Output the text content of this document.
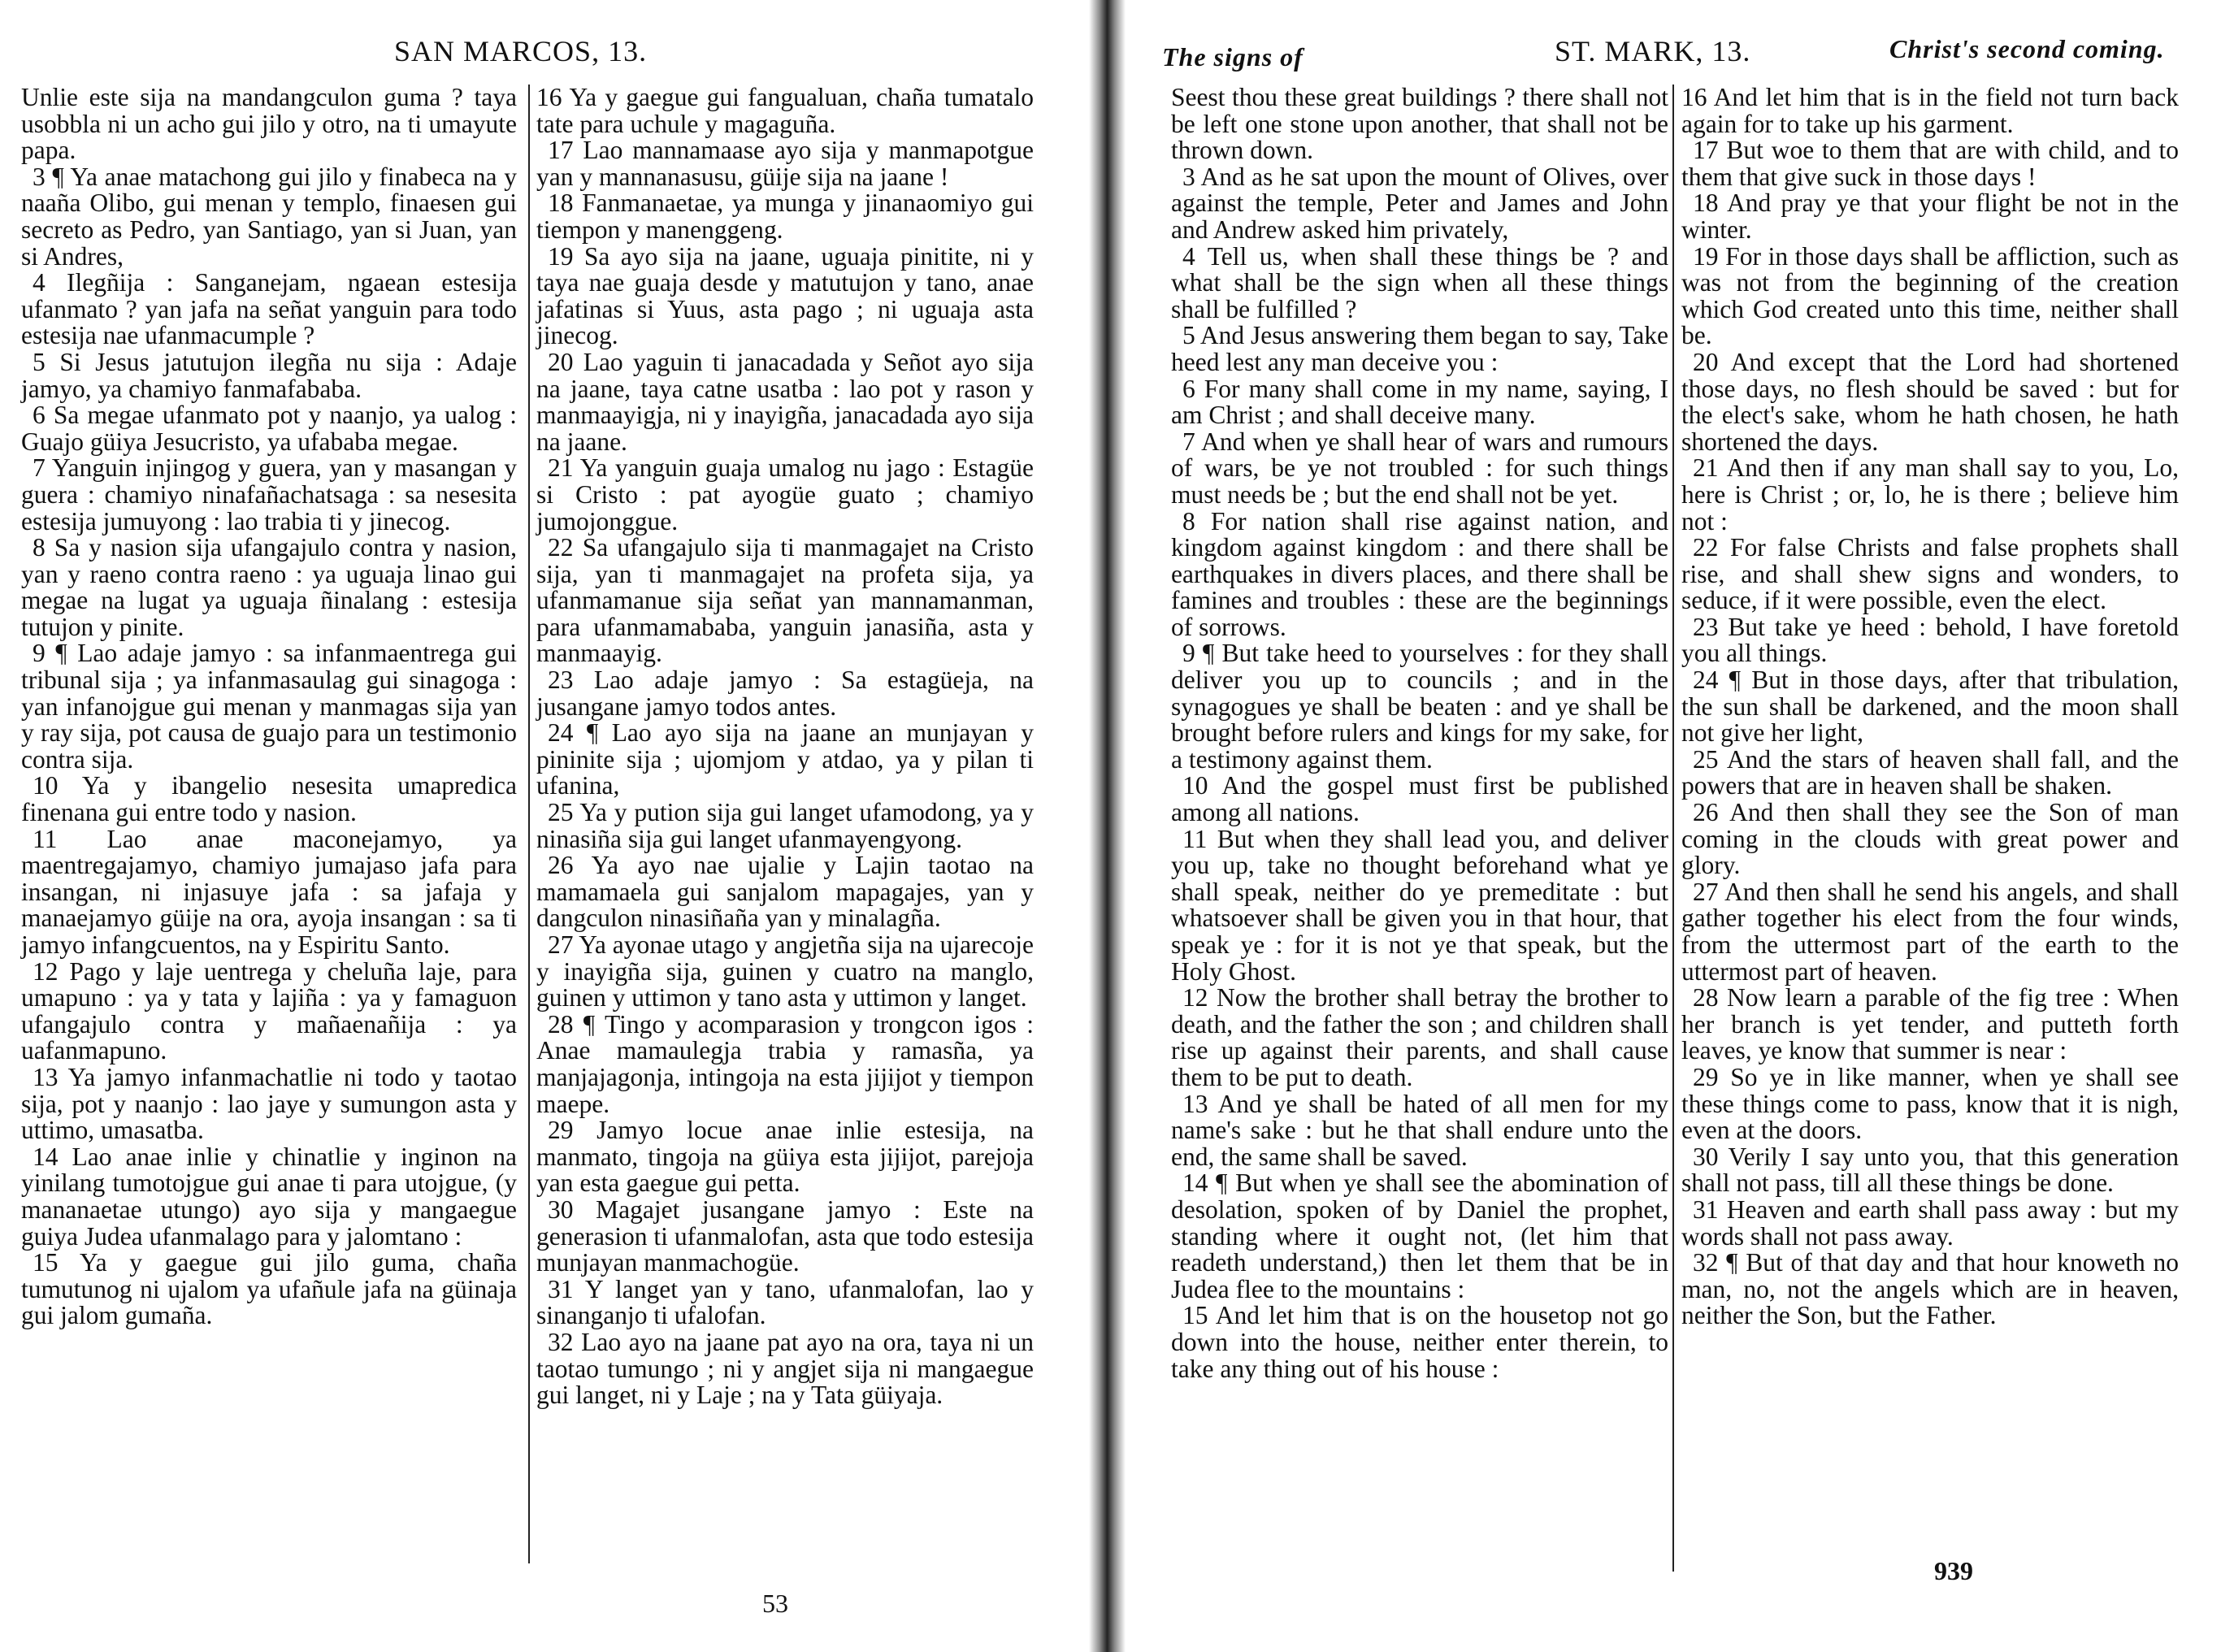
SAN MARCOS, 13.

Unlie este sija na mandangculon guma ? taya usobbla ni un acho gui jilo y otro, na ti umayute papa.

3 ¶ Ya anae matachong gui jilo y finabeca na y naaña Olibo, gui menan y templo, finaesen gui secreto as Pedro, yan Santiago, yan si Juan, yan si Andres,

4 Ilegñija : Sanganejam, ngaean estesija ufanmato ? yan jafa na señat yanguin para todo estesija nae ufanmacumple ?

5 Si Jesus jatutujon ilegña nu sija : Adaje jamyo, ya chamiyo fanmafababa.

6 Sa megae ufanmato pot y naanjo, ya ualog : Guajo güiya Jesucristo, ya ufababa megae.

7 Yanguin injingog y guera, yan y masangan y guera : chamiyo ninafañachatsaga : sa nesesita estesija jumuyong : lao trabia ti y jinecog.

8 Sa y nasion sija ufangajulo contra y nasion, yan y raeno contra raeno : ya uguaja linao gui megae na lugat ya uguaja ñinalang : estesija tutujon y pinite.

9 ¶ Lao adaje jamyo : sa infanmaentrega gui tribunal sija ; ya infanmasaulag gui sinagoga : yan infanojgue gui menan y manmagas sija yan y ray sija, pot causa de guajo para un testimonio contra sija.

10 Ya y ibangelio nesesita umapredica finenana gui entre todo y nasion.

11 Lao anae maconejamyo, ya maentregajamyo, chamiyo jumajaso jafa para insangan, ni injasuye jafa : sa jafaja y manaejamyo güije na ora, ayoja insangan : sa ti jamyo infangcuentos, na y Espiritu Santo.

12 Pago y laje uentrega y cheluña laje, para umapuno : ya y tata y lajiña : ya y famaguon ufangajulo contra y mañaenañija : ya uafanmapuno.

13 Ya jamyo infanmachatlie ni todo y taotao sija, pot y naanjo : lao jaye y sumungon asta y uttimo, umasatba.

14 Lao anae inlie y chinatlie y inginon na yinilang tumotojgue gui anae ti para utojgue, (y mananaetae utungo) ayo sija y mangaegue guiya Judea ufanmalago para y jalomtano :

15 Ya y gaegue gui jilo guma, chaña tumutunog ni ujalom ya ufañule jafa na güinaja gui jalom gumaña.

16 Ya y gaegue gui fangualuan, chaña tumatalo tate para uchule y magaguña.

17 Lao mannamaase ayo sija y manmapotgue yan y mannanasusu, güije sija na jaane !

18 Fanmanaetae, ya munga y jinanaomiyo gui tiempon y manenggeng.

19 Sa ayo sija na jaane, uguaja pinitite, ni y taya nae guaja desde y matutujon y tano, anae jafatinas si Yuus, asta pago ; ni uguaja asta jinecog.

20 Lao yaguin ti janacadada y Señot ayo sija na jaane, taya catne usatba : lao pot y rason y manmaayigja, ni y inayigña, janacadada ayo sija na jaane.

21 Ya yanguin guaja umalog nu jago : Estagüe si Cristo : pat ayogüe guato ; chamiyo jumojonggue.

22 Sa ufangajulo sija ti manmagajet na Cristo sija, yan ti manmagajet na profeta sija, ya ufanmamanue sija señat yan mannamanman, para ufanmamababa, yanguin janasiña, asta y manmaayig.

23 Lao adaje jamyo : Sa estagüeja, na jusangane jamyo todos antes.

24 ¶ Lao ayo sija na jaane an munjayan y pininite sija ; ujomjom y atdao, ya y pilan ti ufanina,

25 Ya y pution sija gui langet ufamodong, ya y ninasiña sija gui langet ufanmayengyong.

26 Ya ayo nae ujalie y Lajin taotao na mamamaela gui sanjalom mapagajes, yan y dangculon ninasiñaña yan y minalagña.

27 Ya ayonae utago y angjetña sija na ujarecoje y inayigña sija, guinen y cuatro na manglo, guinen y uttimon y tano asta y uttimon y langet.

28 ¶ Tingo y acomparasion y trongcon igos : Anae mamaulegja trabia y ramasña, ya manjajagonja, intingoja na esta jijijot y tiempon maepe.

29 Jamyo locue anae inlie estesija, na manmato, tingoja na güiya esta jijijot, parejoja yan esta gaegue gui petta.

30 Magajet jusangane jamyo : Este na generasion ti ufanmalofan, asta que todo estesija munjayan manmachogüe.

31 Y langet yan y tano, ufanmalofan, lao y sinanganjo ti ufalofan.

32 Lao ayo na jaane pat ayo na ora, taya ni un taotao tumungo ; ni y angjet sija ni mangaegue gui langet, ni y Laje ; na y Tata güiyaja.

53
The signs of	ST. MARK, 13.	Christ's second coming.

Seest thou these great buildings ? there shall not be left one stone upon another, that shall not be thrown down.

3 And as he sat upon the mount of Olives, over against the temple, Peter and James and John and Andrew asked him privately,

4 Tell us, when shall these things be ? and what shall be the sign when all these things shall be fulfilled ?

5 And Jesus answering them began to say, Take heed lest any man deceive you :

6 For many shall come in my name, saying, I am Christ ; and shall deceive many.

7 And when ye shall hear of wars and rumours of wars, be ye not troubled : for such things must needs be ; but the end shall not be yet.

8 For nation shall rise against nation, and kingdom against kingdom : and there shall be earthquakes in divers places, and there shall be famines and troubles : these are the beginnings of sorrows.

9 ¶ But take heed to yourselves : for they shall deliver you up to councils ; and in the synagogues ye shall be beaten : and ye shall be brought before rulers and kings for my sake, for a testimony against them.

10 And the gospel must first be published among all nations.

11 But when they shall lead you, and deliver you up, take no thought beforehand what ye shall speak, neither do ye premeditate : but whatsoever shall be given you in that hour, that speak ye : for it is not ye that speak, but the Holy Ghost.

12 Now the brother shall betray the brother to death, and the father the son ; and children shall rise up against their parents, and shall cause them to be put to death.

13 And ye shall be hated of all men for my name's sake : but he that shall endure unto the end, the same shall be saved.

14 ¶ But when ye shall see the abomination of desolation, spoken of by Daniel the prophet, standing where it ought not, (let him that readeth understand,) then let them that be in Judea flee to the mountains :

15 And let him that is on the housetop not go down into the house, neither enter therein, to take any thing out of his house :

16 And let him that is in the field not turn back again for to take up his garment.

17 But woe to them that are with child, and to them that give suck in those days !

18 And pray ye that your flight be not in the winter.

19 For in those days shall be affliction, such as was not from the beginning of the creation which God created unto this time, neither shall be.

20 And except that the Lord had shortened those days, no flesh should be saved : but for the elect's sake, whom he hath chosen, he hath shortened the days.

21 And then if any man shall say to you, Lo, here is Christ ; or, lo, he is there ; believe him not :

22 For false Christs and false prophets shall rise, and shall shew signs and wonders, to seduce, if it were possible, even the elect.

23 But take ye heed : behold, I have foretold you all things.

24 ¶ But in those days, after that tribulation, the sun shall be darkened, and the moon shall not give her light,

25 And the stars of heaven shall fall, and the powers that are in heaven shall be shaken.

26 And then shall they see the Son of man coming in the clouds with great power and glory.

27 And then shall he send his angels, and shall gather together his elect from the four winds, from the uttermost part of the earth to the uttermost part of heaven.

28 Now learn a parable of the fig tree : When her branch is yet tender, and putteth forth leaves, ye know that summer is near :

29 So ye in like manner, when ye shall see these things come to pass, know that it is nigh, even at the doors.

30 Verily I say unto you, that this generation shall not pass, till all these things be done.

31 Heaven and earth shall pass away : but my words shall not pass away.

32 ¶ But of that day and that hour knoweth no man, no, not the angels which are in heaven, neither the Son, but the Father.

939
